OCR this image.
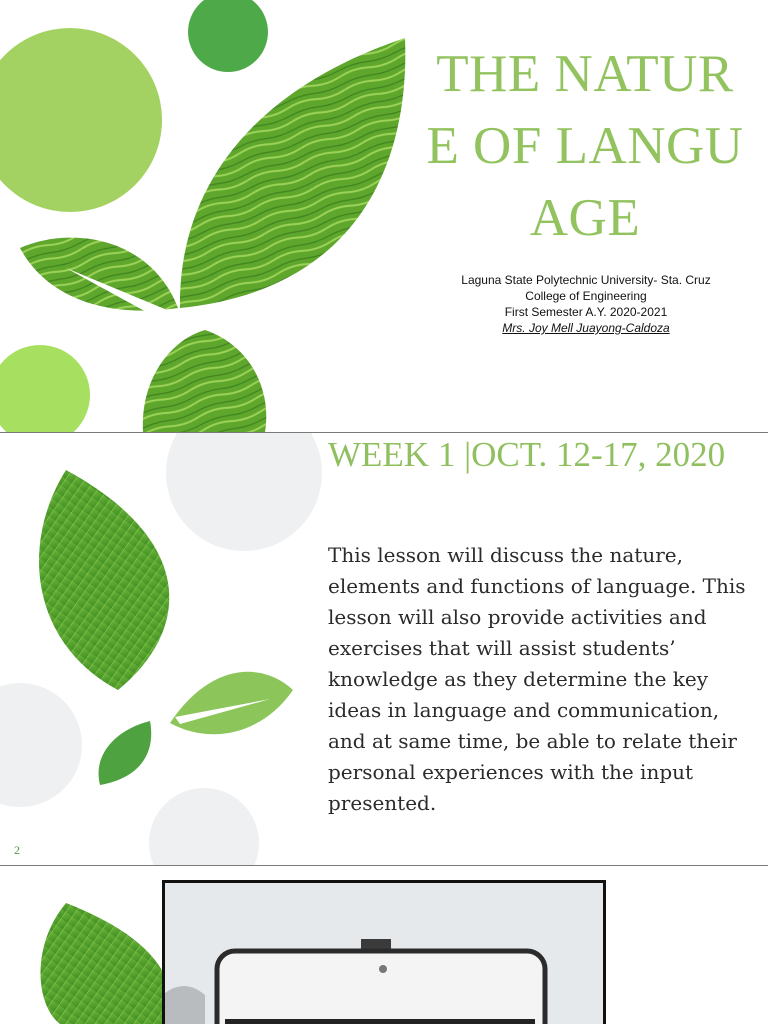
THE NATURE OF LANGUAGE
Laguna State Polytechnic University- Sta. Cruz
College of Engineering
First Semester A.Y. 2020-2021
Mrs. Joy Mell Juayong-Caldoza
WEEK 1 |OCT. 12-17, 2020
This lesson will discuss the nature, elements and functions of language. This lesson will also provide activities and exercises that will assist students’ knowledge as they determine the key ideas in language and communication, and at same time, be able to relate their personal experiences with the input presented.
2
